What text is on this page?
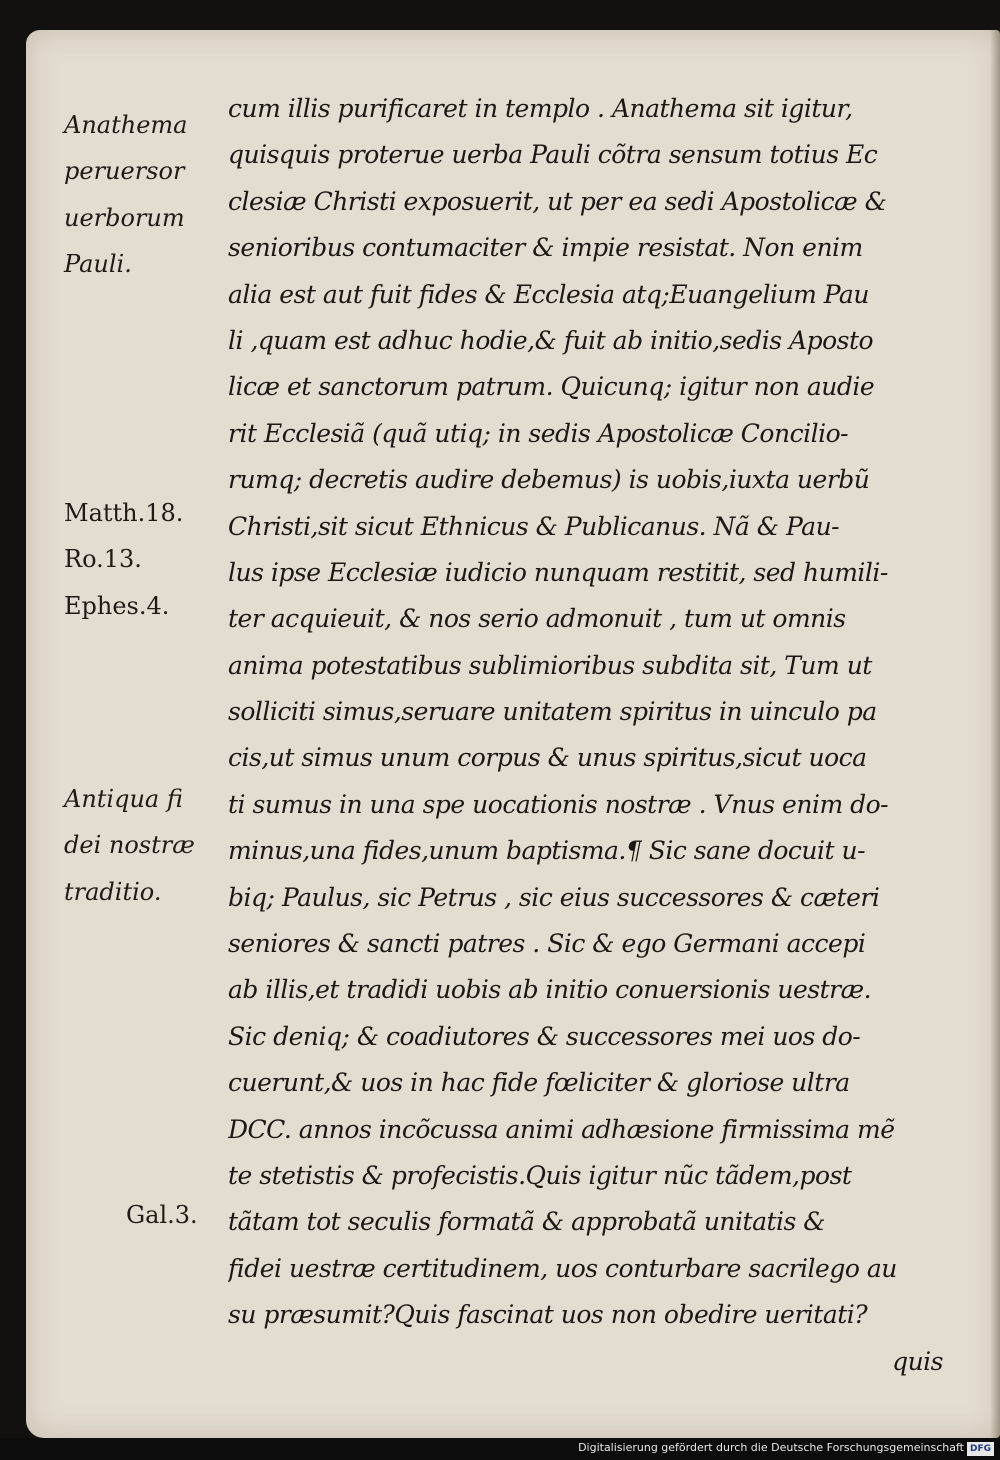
cum illis purificaret in templo . Anathema sit igitur,
quisquis proterue uerba Pauli cõtra sensum totius Ec
clesiæ Christi exposuerit, ut per ea sedi Apostolicæ &
senioribus contumaciter & impie resistat. Non enim
alia est aut fuit fides & Ecclesia atq;Euangelium Pau
li ,quam est adhuc hodie,& fuit ab initio,sedis Aposto
licæ et sanctorum patrum. Quicunq; igitur non audie
rit Ecclesiã (quã utiq; in sedis Apostolicæ Concilio-
rumq; decretis audire debemus) is uobis,iuxta uerbũ
Christi,sit sicut Ethnicus & Publicanus. Nã & Pau-
lus ipse Ecclesiæ iudicio nunquam restitit, sed humili-
ter acquieuit, & nos serio admonuit , tum ut omnis
anima potestatibus sublimioribus subdita sit, Tum ut
solliciti simus,seruare unitatem spiritus in uinculo pa
cis,ut simus unum corpus & unus spiritus,sicut uoca
ti sumus in una spe uocationis nostræ . Vnus enim do-
minus,una fides,unum baptisma.¶ Sic sane docuit u-
biq; Paulus, sic Petrus , sic eius successores & cæteri
seniores & sancti patres . Sic & ego Germani accepi
ab illis,et tradidi uobis ab initio conuersionis uestræ.
Sic deniq; & coadiutores & successores mei uos do-
cuerunt,& uos in hac fide fœliciter & gloriose ultra
DCC. annos incõcussa animi adhæsione firmissima mẽ
te stetistis & profecistis.Quis igitur nũc tãdem,post
tãtam tot seculis formatã & approbatã unitatis &
fidei uestræ certitudinem, uos conturbare sacrilego au
su præsumit?Quis fascinat uos non obedire ueritati?
quis
Anathema
peruersor
uerborum
Pauli.
Matth.18.
Ro.13.
Ephes.4.
Antiqua fi
dei nostræ
traditio.
Gal.3.
Digitalisierung gefördert durch die Deutsche Forschungsgemeinschaft DFG
